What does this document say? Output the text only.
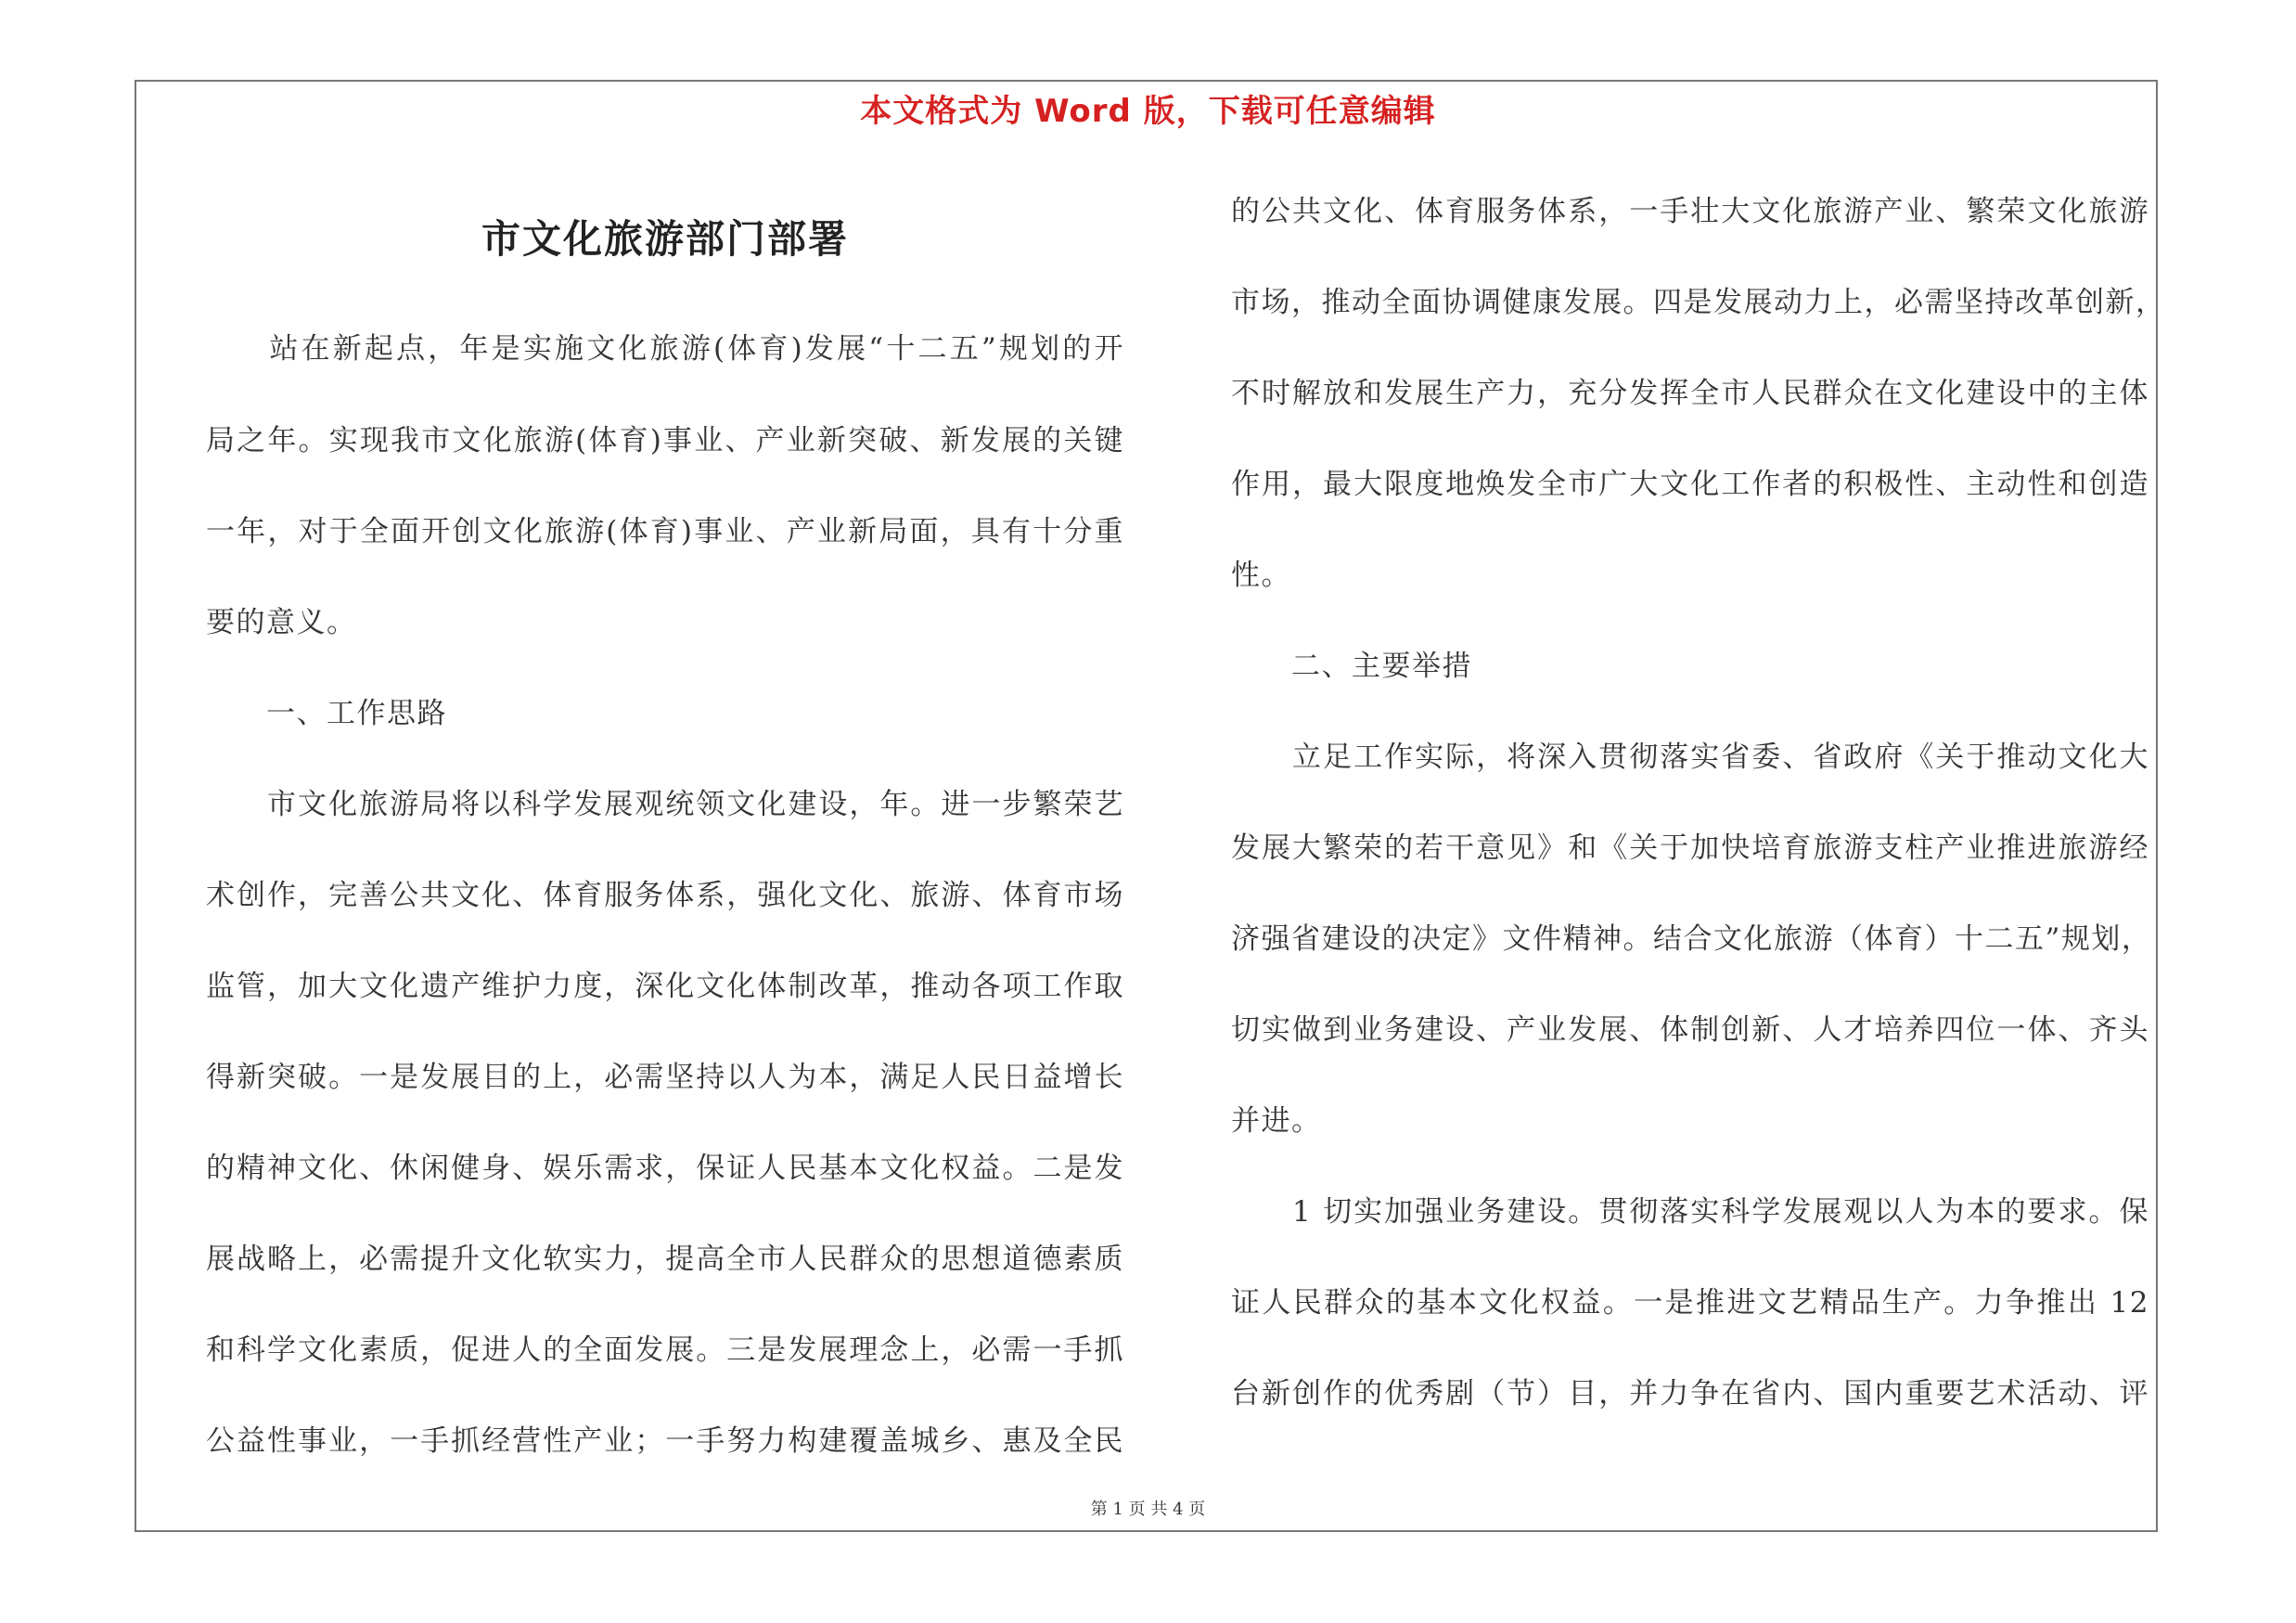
本文格式为 Word 版，下载可任意编辑
市文化旅游部门部署
　　站在新起点，年是实施文化旅游(体育)发展“十二五”规划的开
局之年。实现我市文化旅游(体育)事业、产业新突破、新发展的关键
一年，对于全面开创文化旅游(体育)事业、产业新局面，具有十分重
要的意义。
　　一、工作思路
　　市文化旅游局将以科学发展观统领文化建设，年。进一步繁荣艺
术创作，完善公共文化、体育服务体系，强化文化、旅游、体育市场
监管，加大文化遗产维护力度，深化文化体制改革，推动各项工作取
得新突破。一是发展目的上，必需坚持以人为本，满足人民日益增长
的精神文化、休闲健身、娱乐需求，保证人民基本文化权益。二是发
展战略上，必需提升文化软实力，提高全市人民群众的思想道德素质
和科学文化素质，促进人的全面发展。三是发展理念上，必需一手抓
公益性事业，一手抓经营性产业；一手努力构建覆盖城乡、惠及全民
的公共文化、体育服务体系，一手壮大文化旅游产业、繁荣文化旅游
市场，推动全面协调健康发展。四是发展动力上，必需坚持改革创新，
不时解放和发展生产力，充分发挥全市人民群众在文化建设中的主体
作用，最大限度地焕发全市广大文化工作者的积极性、主动性和创造
性。
　　二、主要举措
　　立足工作实际，将深入贯彻落实省委、省政府《关于推动文化大
发展大繁荣的若干意见》和《关于加快培育旅游支柱产业推进旅游经
济强省建设的决定》文件精神。结合文化旅游（体育）十二五”规划，
切实做到业务建设、产业发展、体制创新、人才培养四位一体、齐头
并进。
　　1 切实加强业务建设。贯彻落实科学发展观以人为本的要求。保
证人民群众的基本文化权益。一是推进文艺精品生产。力争推出 12
台新创作的优秀剧（节）目，并力争在省内、国内重要艺术活动、评
第 1 页 共 4 页
